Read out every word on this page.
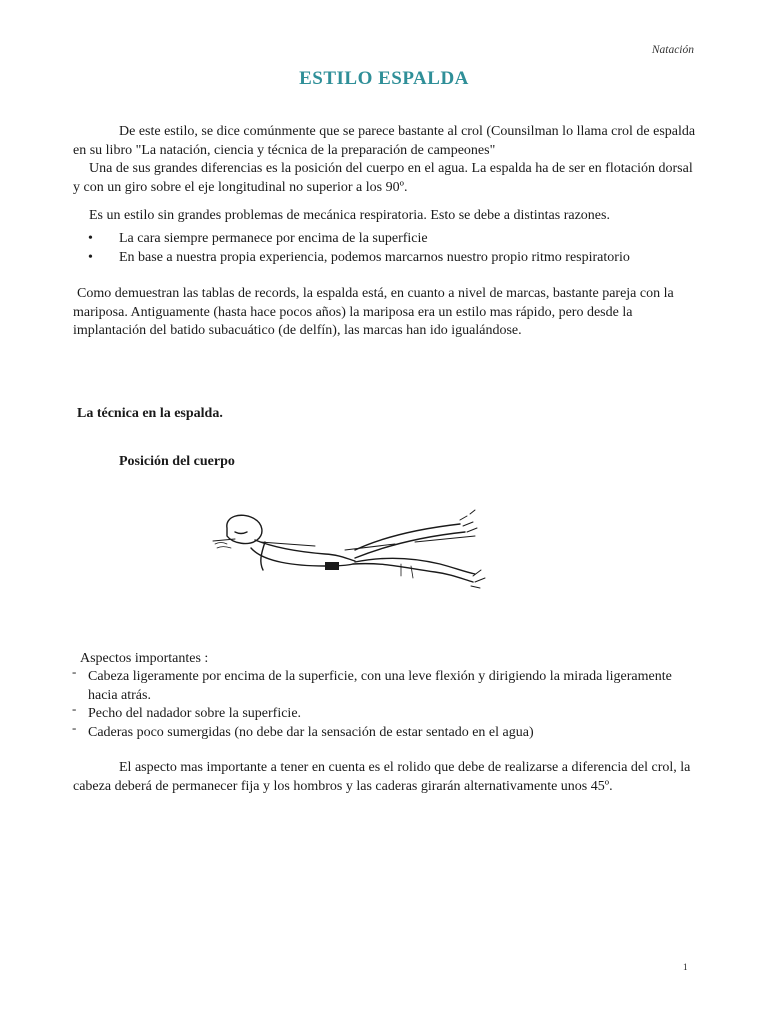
Natación
ESTILO ESPALDA
De este estilo, se dice comúnmente que se parece bastante al crol (Counsilman lo llama crol de espalda en su libro "La natación, ciencia y técnica de la preparación de campeones"
Una de sus grandes diferencias es la posición del cuerpo en el agua. La espalda ha de ser en flotación dorsal y con un giro sobre el eje longitudinal no superior a los 90º.
Es un estilo sin grandes problemas de mecánica respiratoria. Esto se debe a distintas razones.
• La cara siempre permanece por encima de la superficie
• En base a nuestra propia experiencia, podemos marcarnos nuestro propio ritmo respiratorio
Como demuestran las tablas de records, la espalda está, en cuanto a nivel de marcas, bastante pareja con la mariposa. Antiguamente (hasta hace pocos años) la mariposa era un estilo mas rápido, pero desde la implantación del batido subacuático (de delfín), las marcas han ido igualándose.
La técnica en la espalda.
Posición del cuerpo
Aspectos importantes :
- Cabeza ligeramente por encima de la superficie, con una leve flexión y dirigiendo la mirada ligeramente hacia atrás.
- Pecho del nadador sobre la superficie.
- Caderas poco sumergidas (no debe dar la sensación de estar sentado en el agua)
El aspecto mas importante a tener en cuenta es el rolido que debe de realizarse a diferencia del crol, la cabeza deberá de permanecer fija y los hombros y las caderas girarán alternativamente unos 45º.
1
